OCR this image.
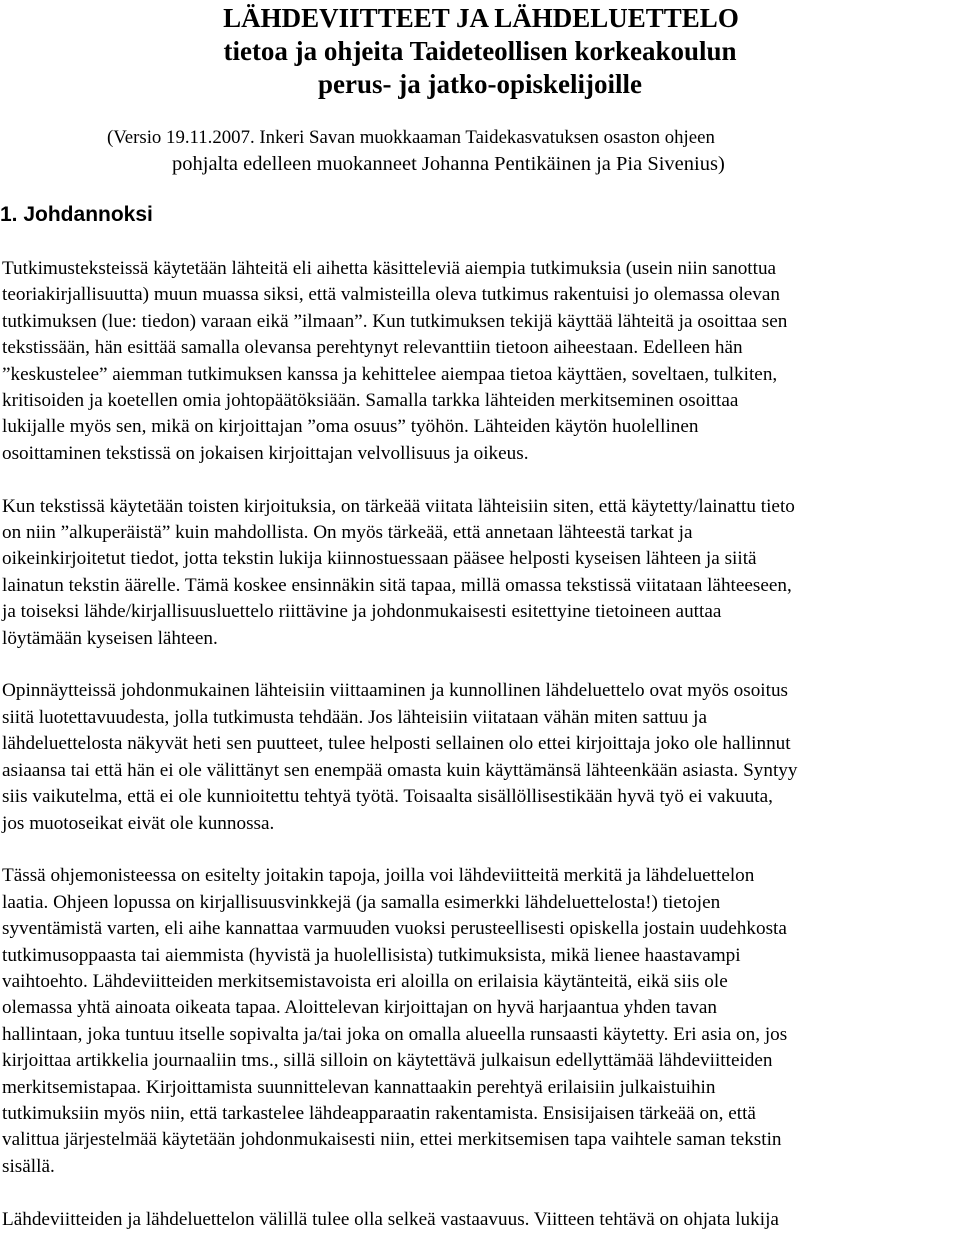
LÄHDEVIITTEET JA LÄHDELUETTELO
tietoa ja ohjeita Taideteollisen korkeakoulun
perus- ja jatko-opiskelijoille
(Versio 19.11.2007. Inkeri Savan muokkaaman Taidekasvatuksen osaston ohjeen
pohjalta edelleen muokanneet Johanna Pentikäinen ja Pia Sivenius)
1. Johdannoksi

Tutkimusteksteissä käytetään lähteitä eli aihetta käsitteleviä aiempia tutkimuksia (usein niin sanottua
teoriakirjallisuutta) muun muassa siksi, että valmisteilla oleva tutkimus rakentuisi jo olemassa olevan
tutkimuksen (lue: tiedon) varaan eikä ”ilmaan”. Kun tutkimuksen tekijä käyttää lähteitä ja osoittaa sen
tekstissään, hän esittää samalla olevansa perehtynyt relevanttiin tietoon aiheestaan. Edelleen hän
”keskustelee” aiemman tutkimuksen kanssa ja kehittelee aiempaa tietoa käyttäen, soveltaen, tulkiten,
kritisoiden ja koetellen omia johtopäätöksiään. Samalla tarkka lähteiden merkitseminen osoittaa
lukijalle myös sen, mikä on kirjoittajan ”oma osuus” työhön. Lähteiden käytön huolellinen
osoittaminen tekstissä on jokaisen kirjoittajan velvollisuus ja oikeus.

Kun tekstissä käytetään toisten kirjoituksia, on tärkeää viitata lähteisiin siten, että käytetty/lainattu tieto
on niin ”alkuperäistä” kuin mahdollista. On myös tärkeää, että annetaan lähteestä tarkat ja
oikeinkirjoitetut tiedot, jotta tekstin lukija kiinnostuessaan pääsee helposti kyseisen lähteen ja siitä
lainatun tekstin äärelle. Tämä koskee ensinnäkin sitä tapaa, millä omassa tekstissä viitataan lähteeseen,
ja toiseksi lähde/kirjallisuusluettelo riittävine ja johdonmukaisesti esitettyine tietoineen auttaa
löytämään kyseisen lähteen.

Opinnäytteissä johdonmukainen lähteisiin viittaaminen ja kunnollinen lähdeluettelo ovat myös osoitus
siitä luotettavuudesta, jolla tutkimusta tehdään. Jos lähteisiin viitataan vähän miten sattuu ja
lähdeluettelosta näkyvät heti sen puutteet, tulee helposti sellainen olo ettei kirjoittaja joko ole hallinnut
asiaansa tai että hän ei ole välittänyt sen enempää omasta kuin käyttämänsä lähteenkään asiasta. Syntyy
siis vaikutelma, että ei ole kunnioitettu tehtyä työtä. Toisaalta sisällöllisestikään hyvä työ ei vakuuta,
jos muotoseikat eivät ole kunnossa.

Tässä ohjemonisteessa on esitelty joitakin tapoja, joilla voi lähdeviitteitä merkitä ja lähdeluettelon
laatia. Ohjeen lopussa on kirjallisuusvinkkejä (ja samalla esimerkki lähdeluettelosta!) tietojen
syventämistä varten, eli aihe kannattaa varmuuden vuoksi perusteellisesti opiskella jostain uudehkosta
tutkimusoppaasta tai aiemmista (hyvistä ja huolellisista) tutkimuksista, mikä lienee haastavampi
vaihtoehto. Lähdeviitteiden merkitsemistavoista eri aloilla on erilaisia käytänteitä, eikä siis ole
olemassa yhtä ainoata oikeata tapaa. Aloittelevan kirjoittajan on hyvä harjaantua yhden tavan
hallintaan, joka tuntuu itselle sopivalta ja/tai joka on omalla alueella runsaasti käytetty. Eri asia on, jos
kirjoittaa artikkelia journaaliin tms., sillä silloin on käytettävä julkaisun edellyttämää lähdeviitteiden
merkitsemistapaa. Kirjoittamista suunnittelevan kannattaakin perehtyä erilaisiin julkaistuihin
tutkimuksiin myös niin, että tarkastelee lähdeapparaatin rakentamista. Ensisijaisen tärkeää on, että
valittua järjestelmää käytetään johdonmukaisesti niin, ettei merkitsemisen tapa vaihtele saman tekstin
sisällä.

Lähdeviitteiden ja lähdeluettelon välillä tulee olla selkeä vastaavuus. Viitteen tehtävä on ohjata lukija
